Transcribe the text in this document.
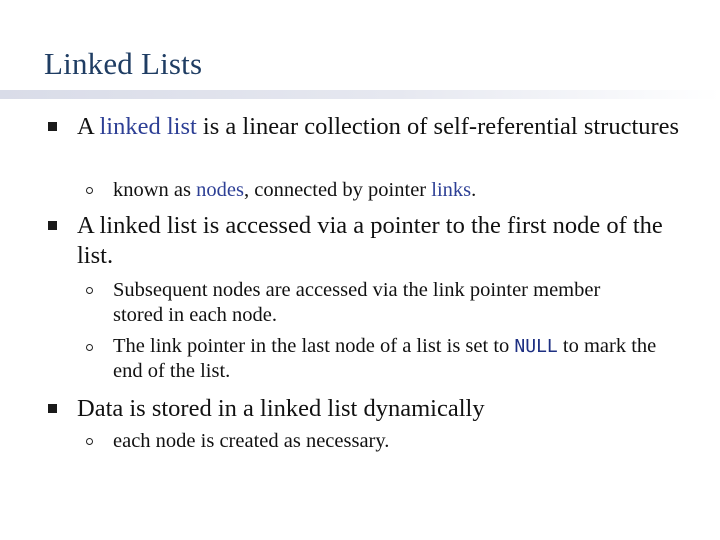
Linked Lists
A linked list is a linear collection of self-referential structures
known as nodes, connected by pointer links.
A linked list is accessed via a pointer to the first node of the list.
Subsequent nodes are accessed via the link pointer member stored in each node.
The link pointer in the last node of a list is set to NULL to mark the end of the list.
Data is stored in a linked list dynamically
each node is created as necessary.
